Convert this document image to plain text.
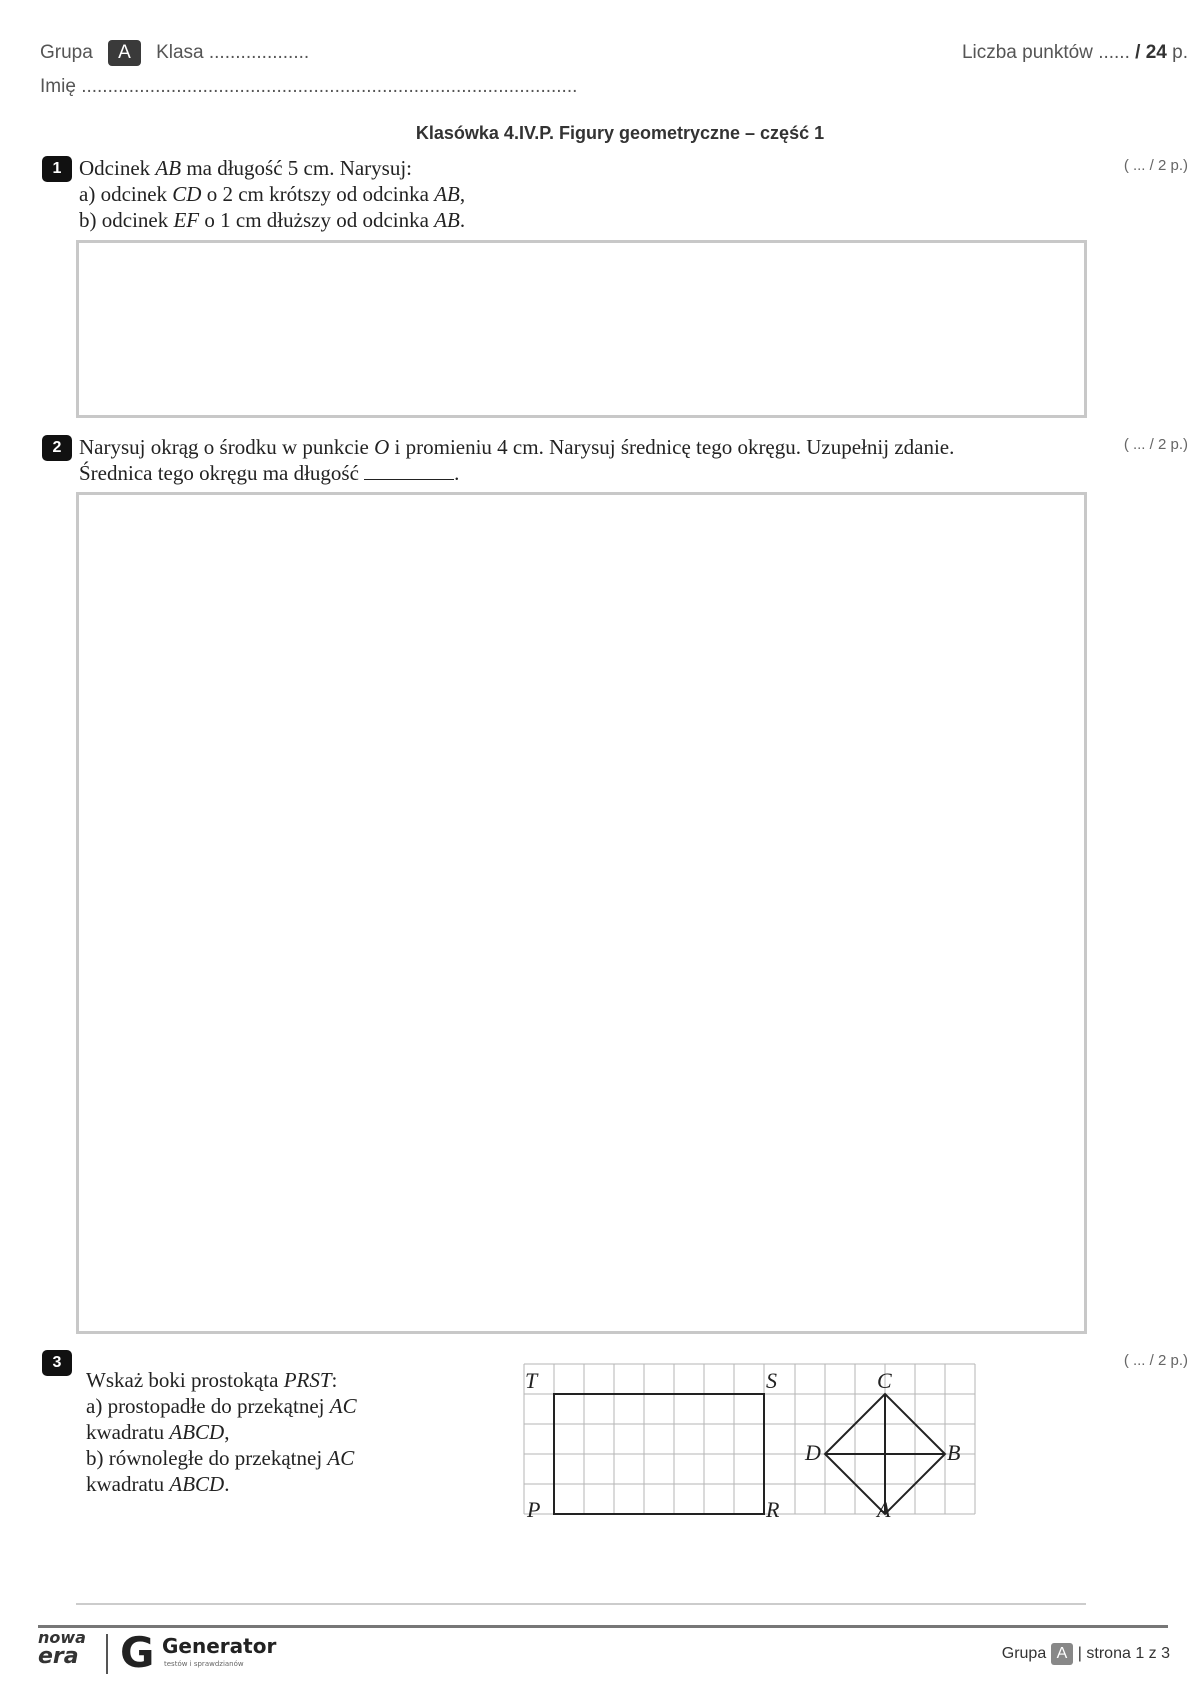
Grupa A Klasa ...................
Imię ..............................................................................................
Liczba punktów ...... / 24 p.
Klasówka 4.IV.P. Figury geometryczne – część 1
1 Odcinek AB ma długość 5 cm. Narysuj:
a) odcinek CD o 2 cm krótszy od odcinka AB,
b) odcinek EF o 1 cm dłuższy od odcinka AB.
( ... / 2 p.)
2 Narysuj okrąg o środku w punkcie O i promieniu 4 cm. Narysuj średnicę tego okręgu. Uzupełnij zdanie.
Średnica tego okręgu ma długość	.
( ... / 2 p.)
3
Wskaż boki prostokąta PRST:
a) prostopadłe do przekątnej AC
kwadratu ABCD,
b) równoległe do przekątnej AC
kwadratu ABCD.
( ... / 2 p.)
T	S
P	R
C
B
D
A
nowa
era G Generator
testów i sprawdzianów
Grupa A | strona 1 z 3
